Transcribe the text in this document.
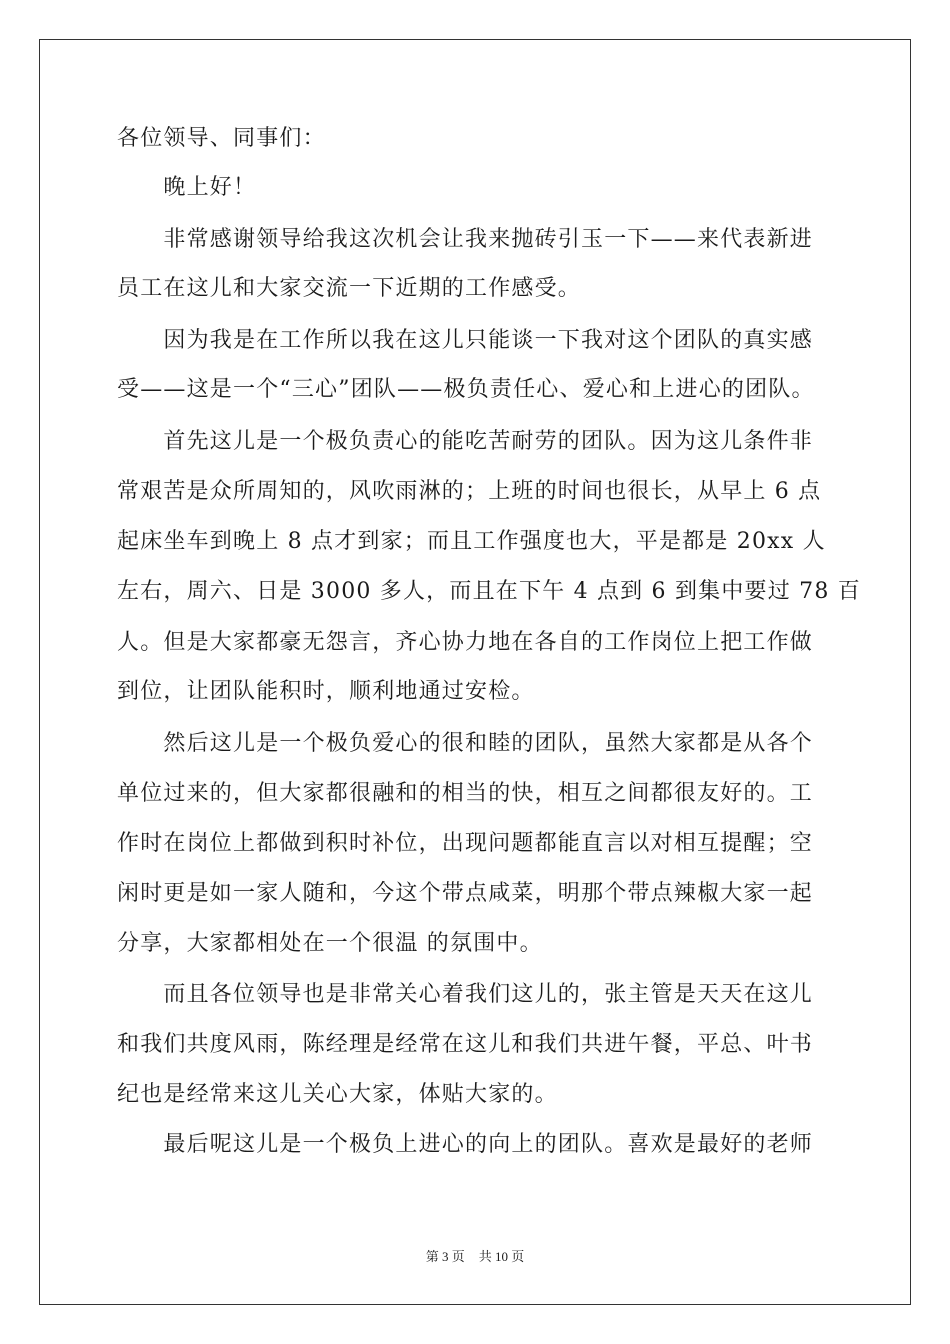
各位领导、同事们：
　　晚上好！
　　非常感谢领导给我这次机会让我来抛砖引玉一下——来代表新进
员工在这儿和大家交流一下近期的工作感受。
　　因为我是在工作所以我在这儿只能谈一下我对这个团队的真实感
受——这是一个“三心”团队——极负责任心、爱心和上进心的团队。
　　首先这儿是一个极负责心的能吃苦耐劳的团队。因为这儿条件非
常艰苦是众所周知的，风吹雨淋的；上班的时间也很长，从早上 6 点
起床坐车到晚上 8 点才到家；而且工作强度也大，平是都是 20xx 人
左右，周六、日是 3000 多人，而且在下午 4 点到 6 到集中要过 78 百
人。但是大家都豪无怨言，齐心协力地在各自的工作岗位上把工作做
到位，让团队能积时，顺利地通过安检。
　　然后这儿是一个极负爱心的很和睦的团队，虽然大家都是从各个
单位过来的，但大家都很融和的相当的快，相互之间都很友好的。工
作时在岗位上都做到积时补位，出现问题都能直言以对相互提醒；空
闲时更是如一家人随和，今这个带点咸菜，明那个带点辣椒大家一起
分享，大家都相处在一个很温 的氛围中。
　　而且各位领导也是非常关心着我们这儿的，张主管是天天在这儿
和我们共度风雨，陈经理是经常在这儿和我们共进午餐，平总、叶书
纪也是经常来这儿关心大家，体贴大家的。
　　最后呢这儿是一个极负上进心的向上的团队。喜欢是最好的老师
第 3 页 共 10 页
